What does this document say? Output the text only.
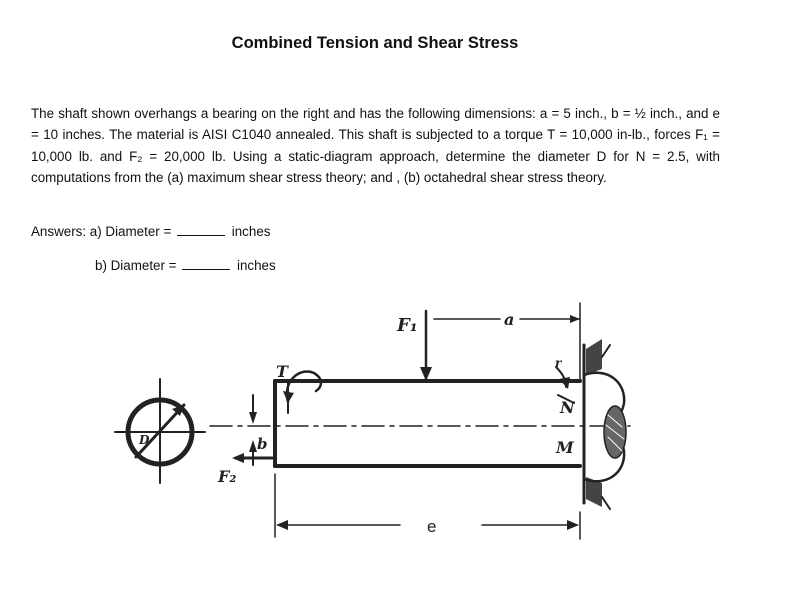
Combined Tension and Shear Stress

The shaft shown overhangs a bearing on the right and has the following dimensions: a = 5 inch., b = ½ inch., and e = 10 inches. The material is AISI C1040 annealed. This shaft is subjected to a torque T = 10,000 in-lb., forces F₁ = 10,000 lb. and F₂ = 20,000 lb. Using a static-diagram approach, determine the diameter D for N = 2.5, with computations from the (a) maximum shear stress theory; and , (b) octahedral shear stress theory.

Answers: a) Diameter =	inches
b) Diameter =	inches
F₁	a
T	r
N
M
b
F₂
D
e
